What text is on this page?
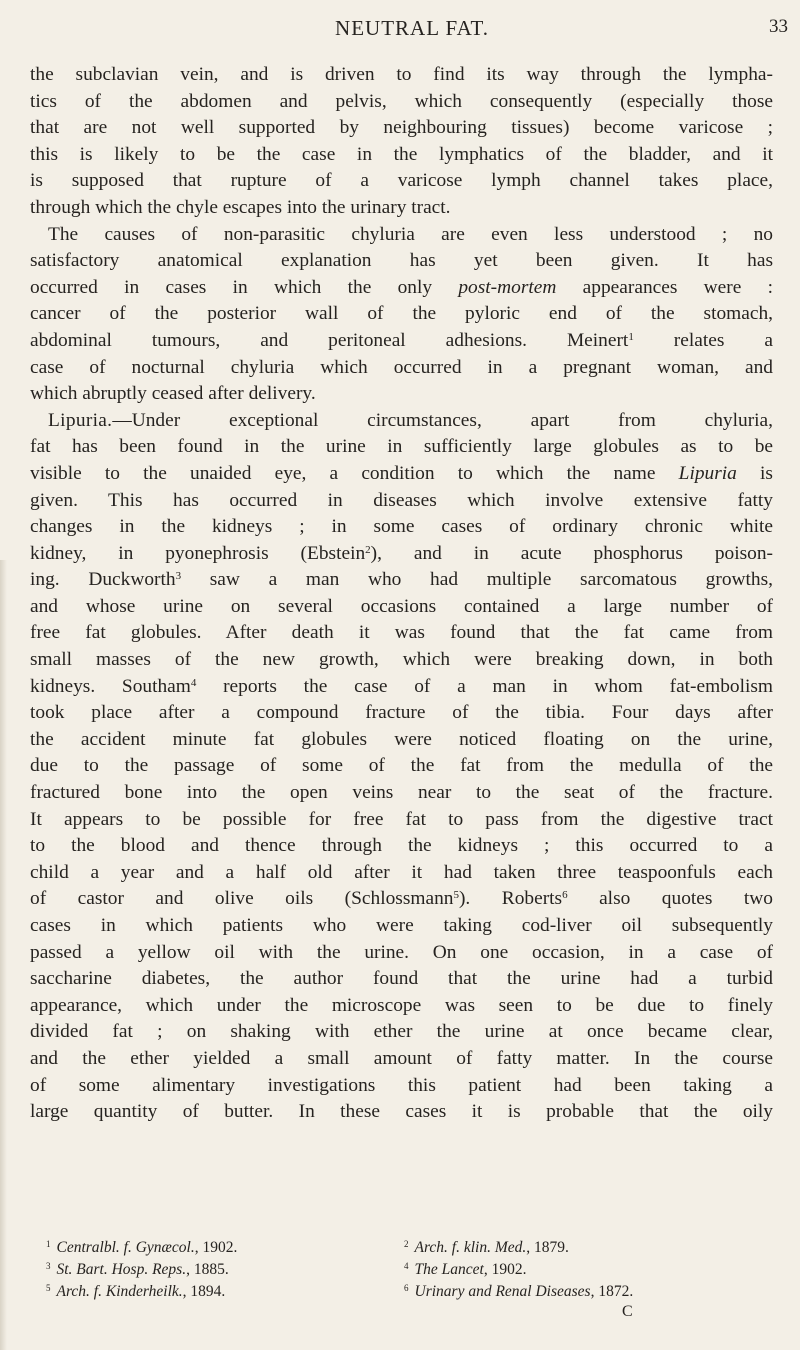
NEUTRAL FAT.	33
the subclavian vein, and is driven to find its way through the lympha-
tics of the abdomen and pelvis, which consequently (especially those
that are not well supported by neighbouring tissues) become varicose ;
this is likely to be the case in the lymphatics of the bladder, and it
is supposed that rupture of a varicose lymph channel takes place,
through which the chyle escapes into the urinary tract.
The causes of non-parasitic chyluria are even less understood ; no
satisfactory anatomical explanation has yet been given. It has
occurred in cases in which the only post-mortem appearances were :
cancer of the posterior wall of the pyloric end of the stomach,
abdominal tumours, and peritoneal adhesions. Meinert$^1$ relates a
case of nocturnal chyluria which occurred in a pregnant woman, and
which abruptly ceased after delivery.
Lipuria.—Under exceptional circumstances, apart from chyluria,
fat has been found in the urine in sufficiently large globules as to be
visible to the unaided eye, a condition to which the name Lipuria is
given. This has occurred in diseases which involve extensive fatty
changes in the kidneys ; in some cases of ordinary chronic white
kidney, in pyonephrosis (Ebstein$^2$), and in acute phosphorus poison-
ing. Duckworth$^3$ saw a man who had multiple sarcomatous growths,
and whose urine on several occasions contained a large number of
free fat globules. After death it was found that the fat came from
small masses of the new growth, which were breaking down, in both
kidneys. Southam$^4$ reports the case of a man in whom fat-embolism
took place after a compound fracture of the tibia. Four days after
the accident minute fat globules were noticed floating on the urine,
due to the passage of some of the fat from the medulla of the
fractured bone into the open veins near to the seat of the fracture.
It appears to be possible for free fat to pass from the digestive tract
to the blood and thence through the kidneys ; this occurred to a
child a year and a half old after it had taken three teaspoonfuls each
of castor and olive oils (Schlossmann$^5$). Roberts$^6$ also quotes two
cases in which patients who were taking cod-liver oil subsequently
passed a yellow oil with the urine. On one occasion, in a case of
saccharine diabetes, the author found that the urine had a turbid
appearance, which under the microscope was seen to be due to finely
divided fat ; on shaking with ether the urine at once became clear,
and the ether yielded a small amount of fatty matter. In the course
of some alimentary investigations this patient had been taking a
large quantity of butter. In these cases it is probable that the oily
$^1$ Centralbl. f. Gynæcol., 1902.	$^2$ Arch. f. klin. Med., 1879.
$^3$ St. Bart. Hosp. Reps., 1885.	$^4$ The Lancet, 1902.
$^5$ Arch. f. Kinderheilk., 1894.	$^6$ Urinary and Renal Diseases, 1872.
C
